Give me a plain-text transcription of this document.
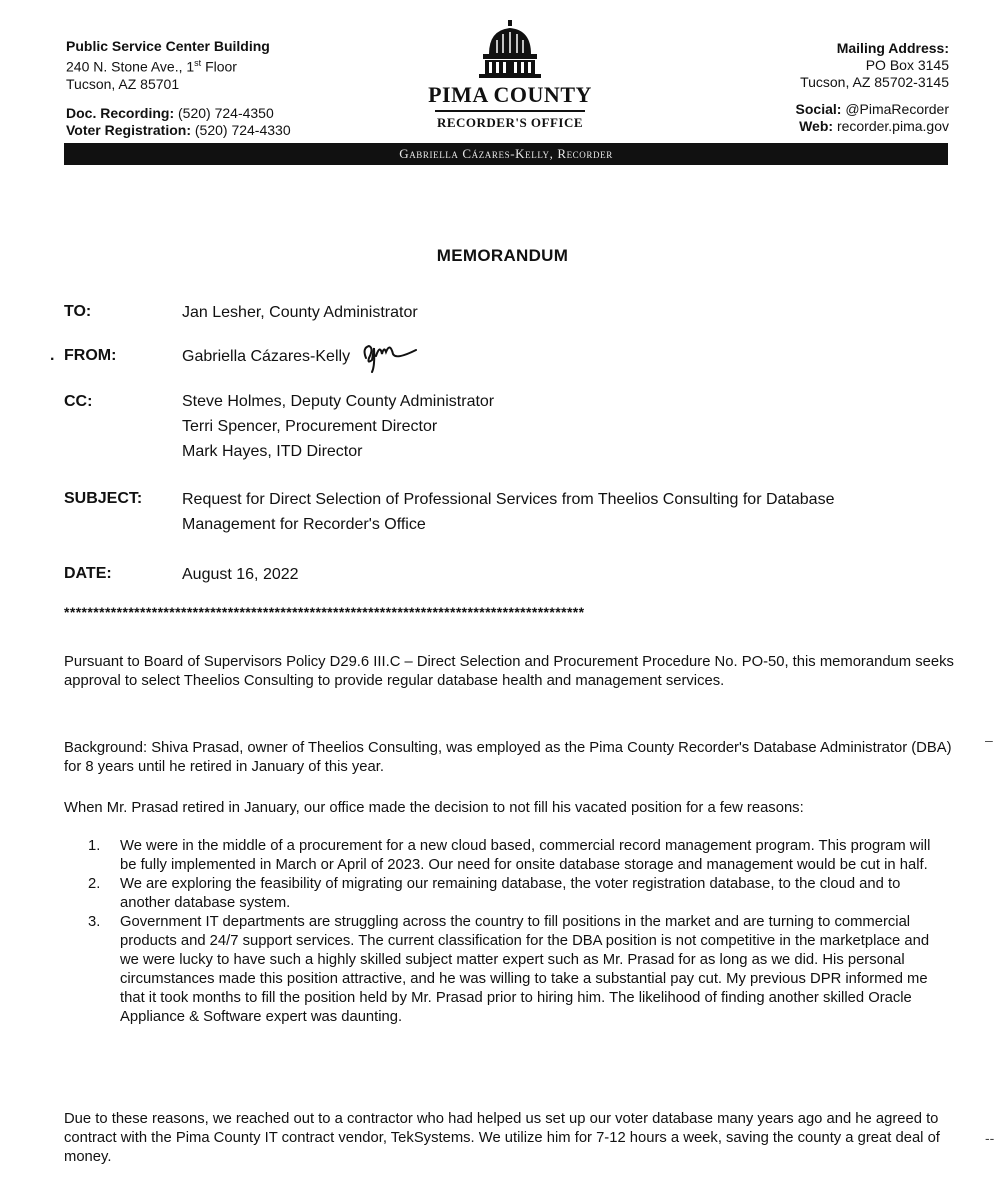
Public Service Center Building
240 N. Stone Ave., 1st Floor
Tucson, AZ 85701
Doc. Recording: (520) 724-4350
Voter Registration: (520) 724-4330
PIMA COUNTY
RECORDER'S OFFICE
Mailing Address:
PO Box 3145
Tucson, AZ 85702-3145
Social: @PimaRecorder
Web: recorder.pima.gov
Gabriella Cázares-Kelly, Recorder
MEMORANDUM
TO:	Jan Lesher, County Administrator
. FROM:	Gabriella Cázares-Kelly
CC:	Steve Holmes, Deputy County Administrator
Terri Spencer, Procurement Director
Mark Hayes, ITD Director
SUBJECT: Request for Direct Selection of Professional Services from Theelios Consulting for Database
Management for Recorder's Office
DATE:	August 16, 2022
*****************************************************************************************
Pursuant to Board of Supervisors Policy D29.6 III.C – Direct Selection and Procurement Procedure No. PO-50, this memorandum seeks approval to select Theelios Consulting to provide regular database health and management services.
Background: Shiva Prasad, owner of Theelios Consulting, was employed as the Pima County Recorder's Database Administrator (DBA) for 8 years until he retired in January of this year.
When Mr. Prasad retired in January, our office made the decision to not fill his vacated position for a few reasons:
1. We were in the middle of a procurement for a new cloud based, commercial record management program. This program will be fully implemented in March or April of 2023. Our need for onsite database storage and management would be cut in half.
2. We are exploring the feasibility of migrating our remaining database, the voter registration database, to the cloud and to another database system.
3. Government IT departments are struggling across the country to fill positions in the market and are turning to commercial products and 24/7 support services. The current classification for the DBA position is not competitive in the marketplace and we were lucky to have such a highly skilled subject matter expert such as Mr. Prasad for as long as we did. His personal circumstances made this position attractive, and he was willing to take a substantial pay cut. My previous DPR informed me that it took months to fill the position held by Mr. Prasad prior to hiring him. The likelihood of finding another skilled Oracle Appliance & Software expert was daunting.
Due to these reasons, we reached out to a contractor who had helped us set up our voter database many years ago and he agreed to contract with the Pima County IT contract vendor, TekSystems. We utilize him for 7-12 hours a week, saving the county a great deal of money.
–
--
